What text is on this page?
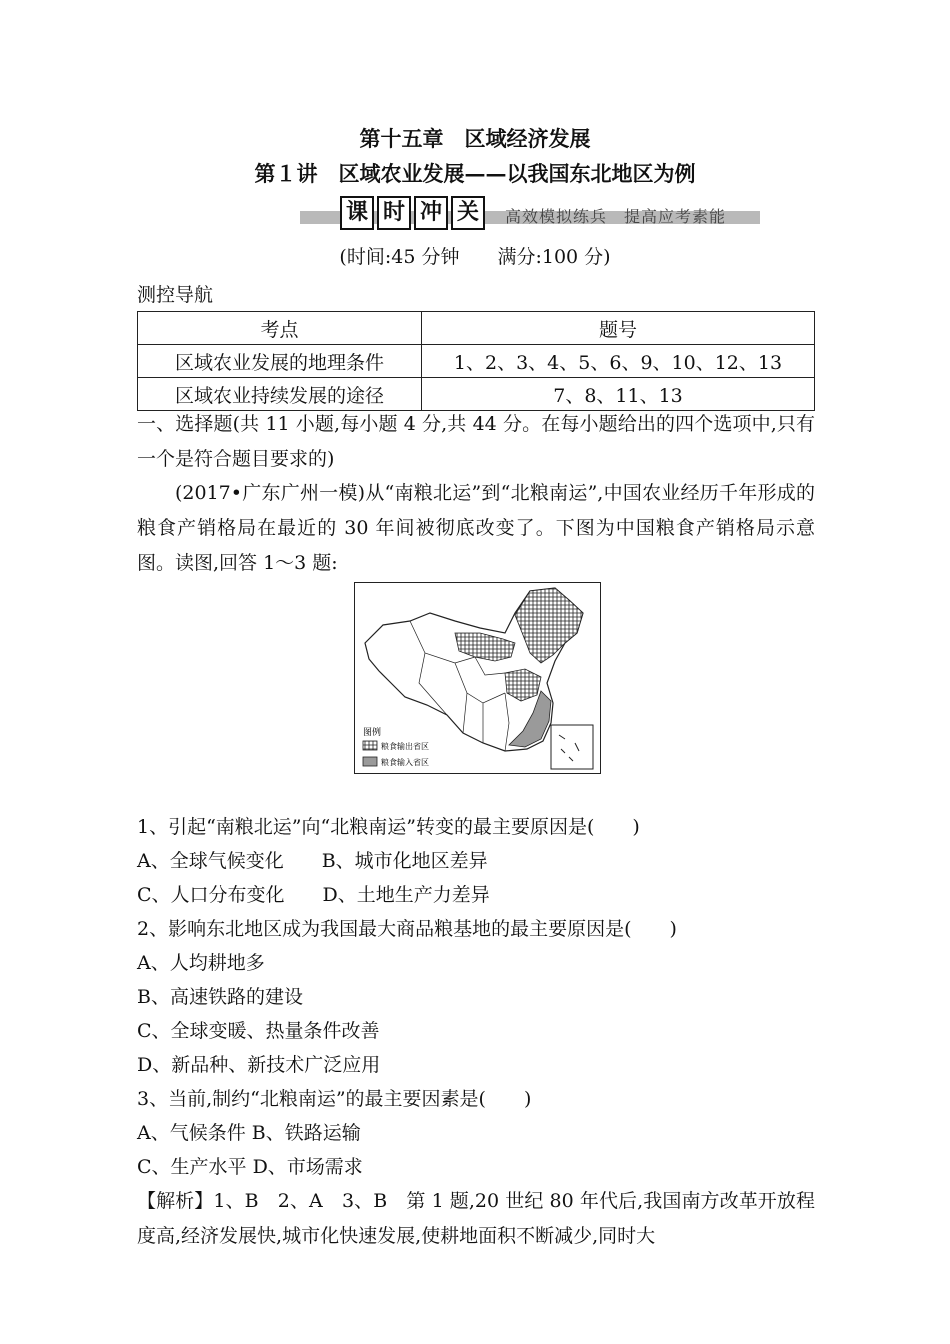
第十五章　区域经济发展
第１讲　区域农业发展——以我国东北地区为例
课 时 冲 关	高效模拟练兵　提高应考素能
(时间:45 分钟　　满分:100 分)
测控导航
考点	题号
区域农业发展的地理条件	1、2、3、4、5、6、9、10、12、13
区域农业持续发展的途径	7、8、11、13
一、选择题(共 11 小题,每小题 4 分,共 44 分。在每小题给出的四个选项中,只有一个是符合题目要求的)
(2017•广东广州一模)从“南粮北运”到“北粮南运”,中国农业经历千年形成的粮食产销格局在最近的 30 年间被彻底改变了。下图为中国粮食产销格局示意图。读图,回答 1～3 题:
图例
粮食输出省区
粮食输入省区
1、引起“南粮北运”向“北粮南运”转变的最主要原因是(　　)
A、全球气候变化　　B、城市化地区差异
C、人口分布变化　　D、土地生产力差异
2、影响东北地区成为我国最大商品粮基地的最主要原因是(　　)
A、人均耕地多
B、高速铁路的建设
C、全球变暖、热量条件改善
D、新品种、新技术广泛应用
3、当前,制约“北粮南运”的最主要因素是(　　)
A、气候条件 B、铁路运输
C、生产水平 D、市场需求
【解析】1、B　2、A　3、B　第 1 题,20 世纪 80 年代后,我国南方改革开放程度高,经济发展快,城市化快速发展,使耕地面积不断减少,同时大
